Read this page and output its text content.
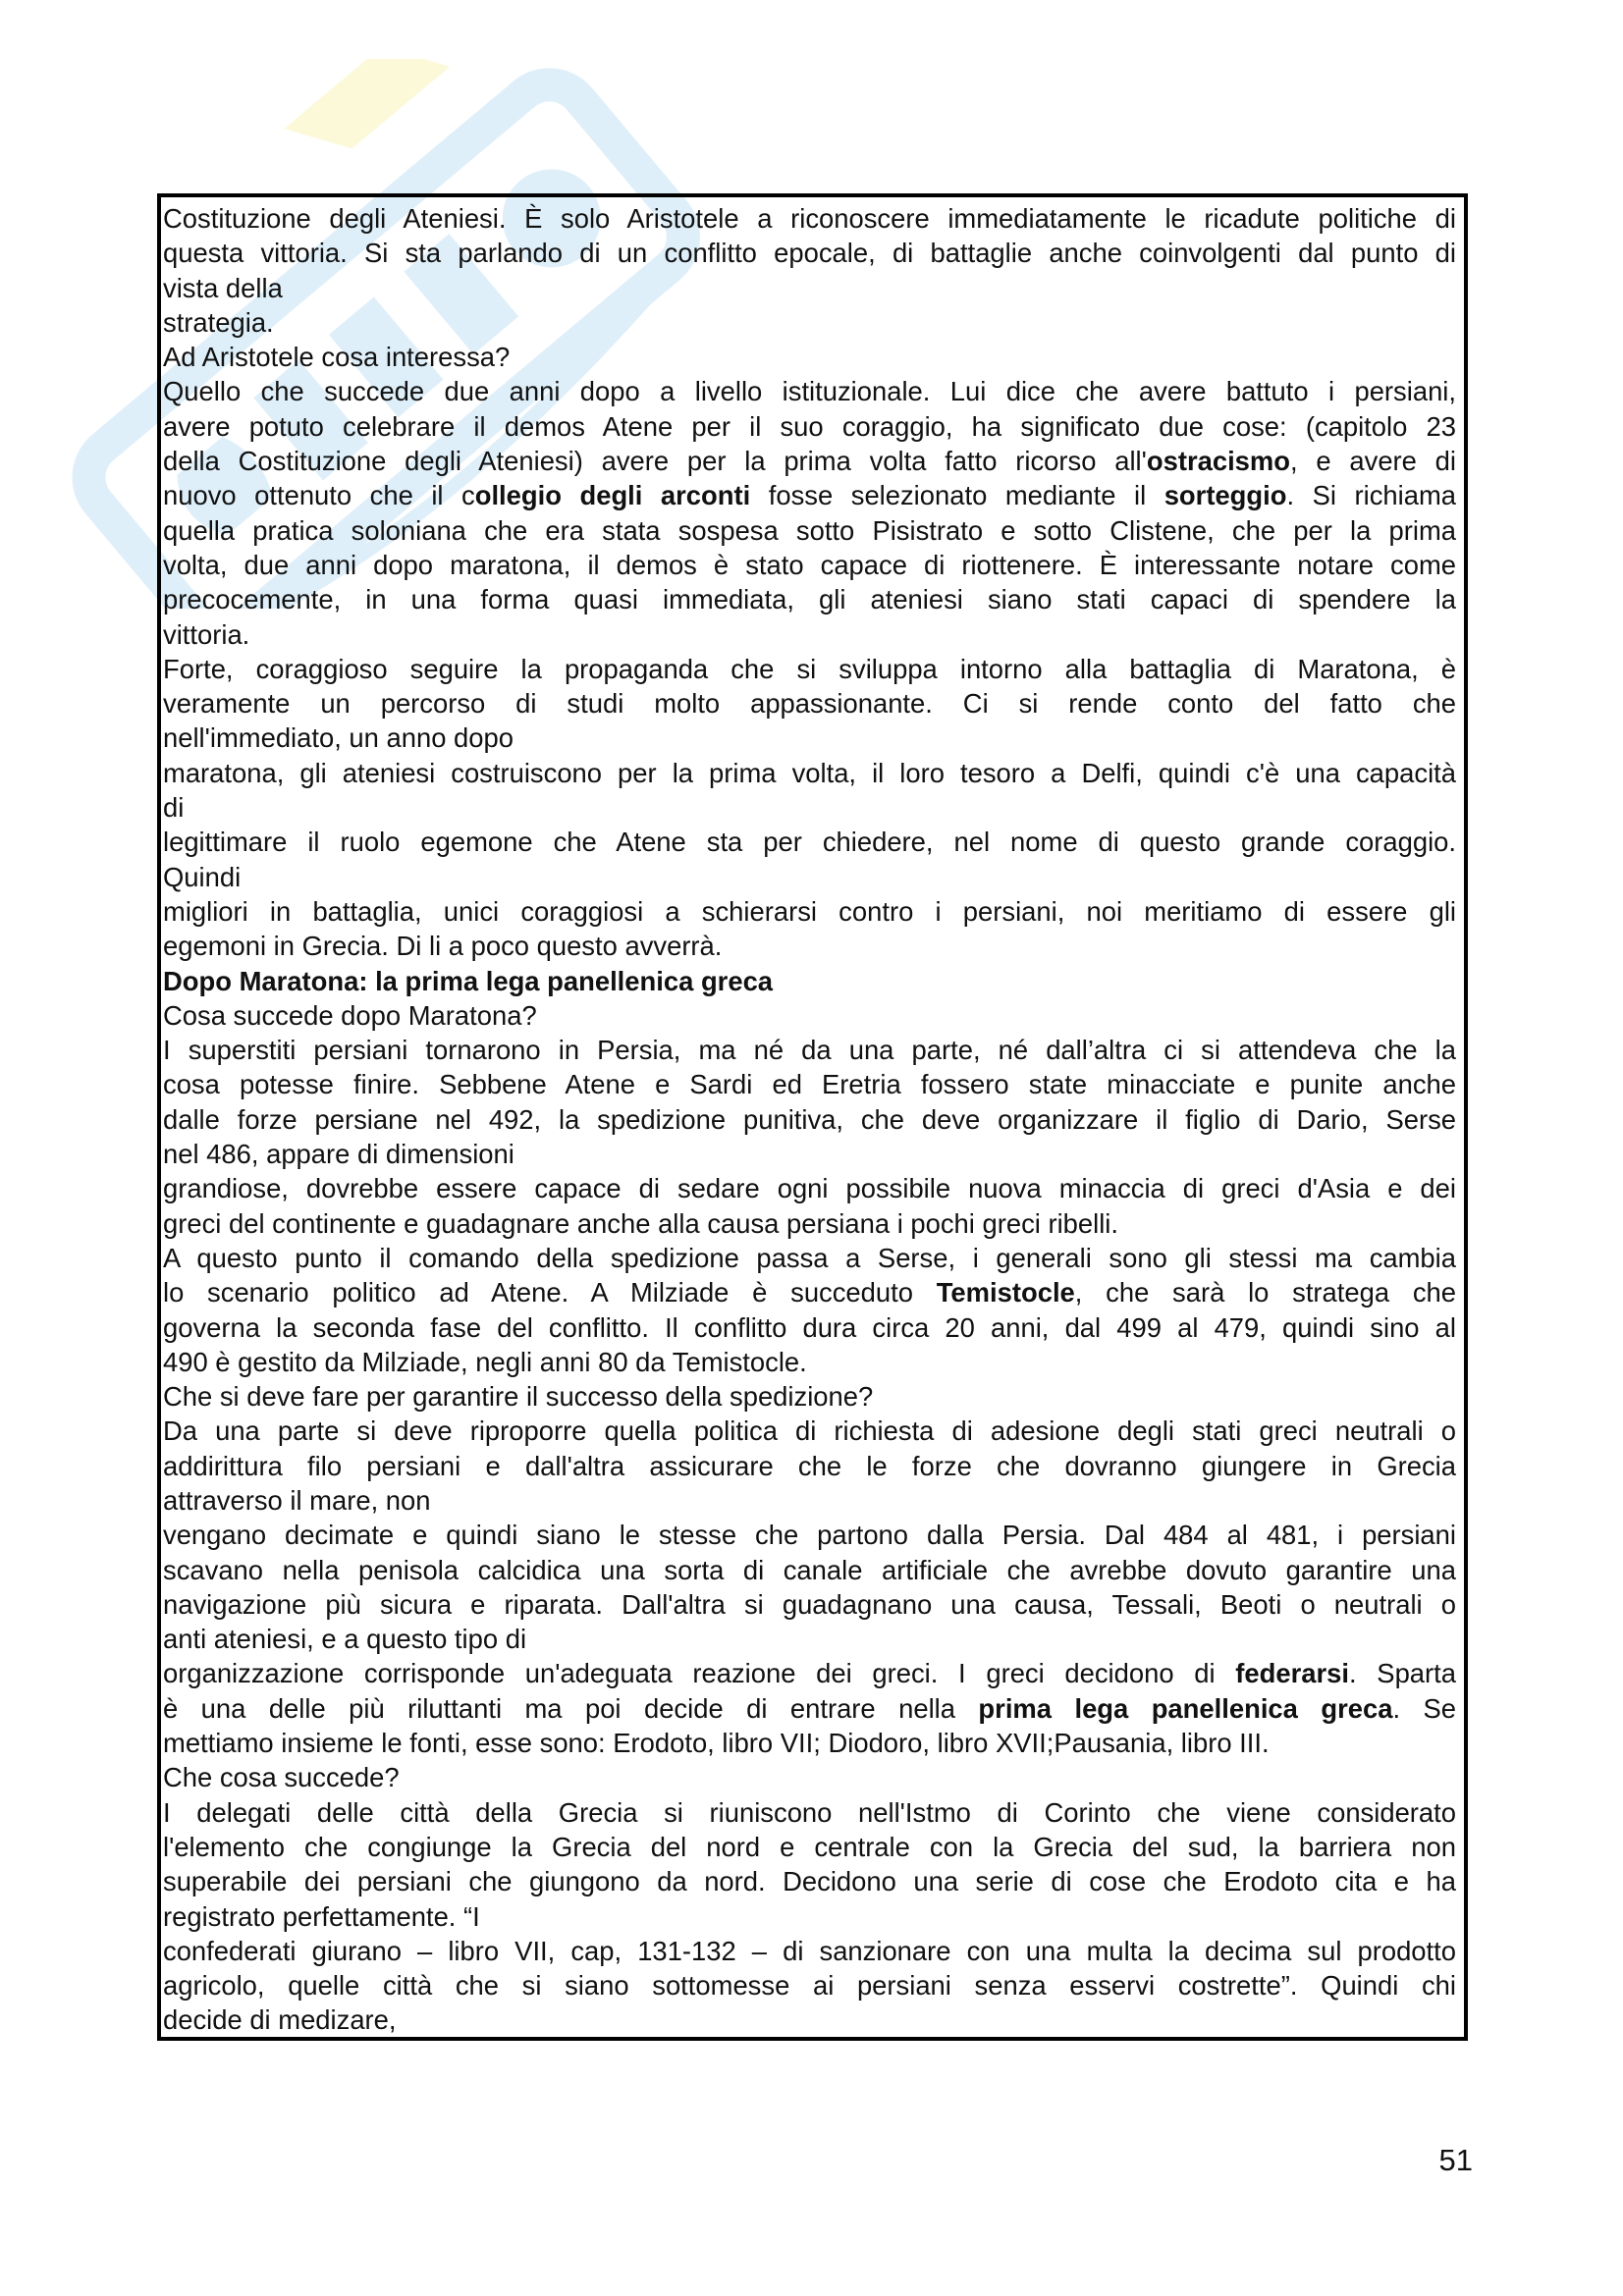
Costituzione degli Ateniesi. È solo Aristotele a riconoscere immediatamente le ricadute politiche di

questa vittoria. Si sta parlando di un conflitto epocale, di battaglie anche coinvolgenti dal punto di

vista della

strategia.

Ad Aristotele cosa interessa?

Quello che succede due anni dopo a livello istituzionale. Lui dice che avere battuto i persiani,

avere potuto celebrare il demos Atene per il suo coraggio, ha significato due cose: (capitolo 23

della Costituzione degli Ateniesi) avere per la prima volta fatto ricorso all'ostracismo, e avere di

nuovo ottenuto che il collegio degli arconti fosse selezionato mediante il sorteggio. Si richiama

quella pratica soloniana che era stata sospesa sotto Pisistrato e sotto Clistene, che per la prima

volta, due anni dopo maratona, il demos è stato capace di riottenere. È interessante notare come

precocemente, in una forma quasi immediata, gli ateniesi siano stati capaci di spendere la

vittoria.

Forte, coraggioso seguire la propaganda che si sviluppa intorno alla battaglia di Maratona, è

veramente un percorso di studi molto appassionante. Ci si rende conto del fatto che

nell'immediato, un anno dopo

maratona, gli ateniesi costruiscono per la prima volta, il loro tesoro a Delfi, quindi c'è una capacità

di

legittimare il ruolo egemone che Atene sta per chiedere, nel nome di questo grande coraggio.

Quindi

migliori in battaglia, unici coraggiosi a schierarsi contro i persiani, noi meritiamo di essere gli

egemoni in Grecia. Di li a poco questo avverrà.

Dopo Maratona: la prima lega panellenica greca

Cosa succede dopo Maratona?

I superstiti persiani tornarono in Persia, ma né da una parte, né dall’altra ci si attendeva che la

cosa potesse finire. Sebbene Atene e Sardi ed Eretria fossero state minacciate e punite anche

dalle forze persiane nel 492, la spedizione punitiva, che deve organizzare il figlio di Dario, Serse

nel 486, appare di dimensioni

grandiose, dovrebbe essere capace di sedare ogni possibile nuova minaccia di greci d'Asia e dei

greci del continente e guadagnare anche alla causa persiana i pochi greci ribelli.

A questo punto il comando della spedizione passa a Serse, i generali sono gli stessi ma cambia

lo scenario politico ad Atene. A Milziade è succeduto Temistocle, che sarà lo stratega che

governa la seconda fase del conflitto. Il conflitto dura circa 20 anni, dal 499 al 479, quindi sino al

490 è gestito da Milziade, negli anni 80 da Temistocle.

Che si deve fare per garantire il successo della spedizione?

Da una parte si deve riproporre quella politica di richiesta di adesione degli stati greci neutrali o

addirittura filo persiani e dall'altra assicurare che le forze che dovranno giungere in Grecia

attraverso il mare, non

vengano decimate e quindi siano le stesse che partono dalla Persia. Dal 484 al 481, i persiani

scavano nella penisola calcidica una sorta di canale artificiale che avrebbe dovuto garantire una

navigazione più sicura e riparata. Dall'altra si guadagnano una causa, Tessali, Beoti o neutrali o

anti ateniesi, e a questo tipo di

organizzazione corrisponde un'adeguata reazione dei greci. I greci decidono di federarsi. Sparta

è una delle più riluttanti ma poi decide di entrare nella prima lega panellenica greca. Se

mettiamo insieme le fonti, esse sono: Erodoto, libro VII; Diodoro, libro XVII;Pausania, libro III.

Che cosa succede?

I delegati delle città della Grecia si riuniscono nell'Istmo di Corinto che viene considerato

l'elemento che congiunge la Grecia del nord e centrale con la Grecia del sud, la barriera non

superabile dei persiani che giungono da nord. Decidono una serie di cose che Erodoto cita e ha

registrato perfettamente. “I

confederati giurano – libro VII, cap, 131-132 – di sanzionare con una multa la decima sul prodotto

agricolo, quelle città che si siano sottomesse ai persiani senza esservi costrette”. Quindi chi

decide di medizare,

51
